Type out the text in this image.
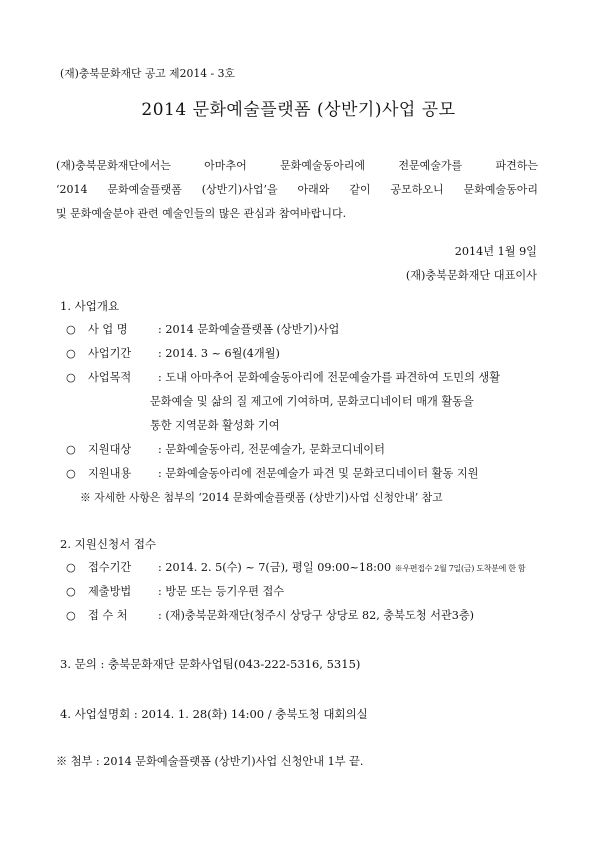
(재)충북문화재단 공고 제2014 - 3호
2014 문화예술플랫폼 (상반기)사업 공모
(재)충북문화재단에서는 아마추어 문화예술동아리에 전문예술가를 파견하는
‘2014 문화예술플랫폼 (상반기)사업’을 아래와 같이 공모하오니 문화예술동아리
및 문화예술분야 관련 예술인들의 많은 관심과 참여바랍니다.
2014년 1월 9일
(재)충북문화재단 대표이사
1. 사업개요
○ 사 업 명	: 2014 문화예술플랫폼 (상반기)사업
○ 사업기간 : 2014. 3 ~ 6월(4개월)
○ 사업목적 : 도내 아마추어 문화예술동아리에 전문예술가를 파견하여 도민의 생활
문화예술 및 삶의 질 제고에 기여하며, 문화코디네이터 매개 활동을
통한 지역문화 활성화 기여
○ 지원대상 : 문화예술동아리, 전문예술가, 문화코디네이터
○ 지원내용 : 문화예술동아리에 전문예술가 파견 및 문화코디네이터 활동 지원
※ 자세한 사항은 첨부의 ‘2014 문화예술플랫폼 (상반기)사업 신청안내’ 참고
2. 지원신청서 접수
○ 접수기간 : 2014. 2. 5(수) ~ 7(금), 평일 09:00~18:00 ※우편접수 2월 7일(금) 도착분에 한 함
○ 제출방법 : 방문 또는 등기우편 접수
○ 접 수 처	: (재)충북문화재단(청주시 상당구 상당로 82, 충북도청 서관3층)
3. 문의 : 충북문화재단 문화사업팀(043-222-5316, 5315)
4. 사업설명회 : 2014. 1. 28(화) 14:00 / 충북도청 대회의실
※ 첨부 : 2014 문화예술플랫폼 (상반기)사업 신청안내 1부 끝.
